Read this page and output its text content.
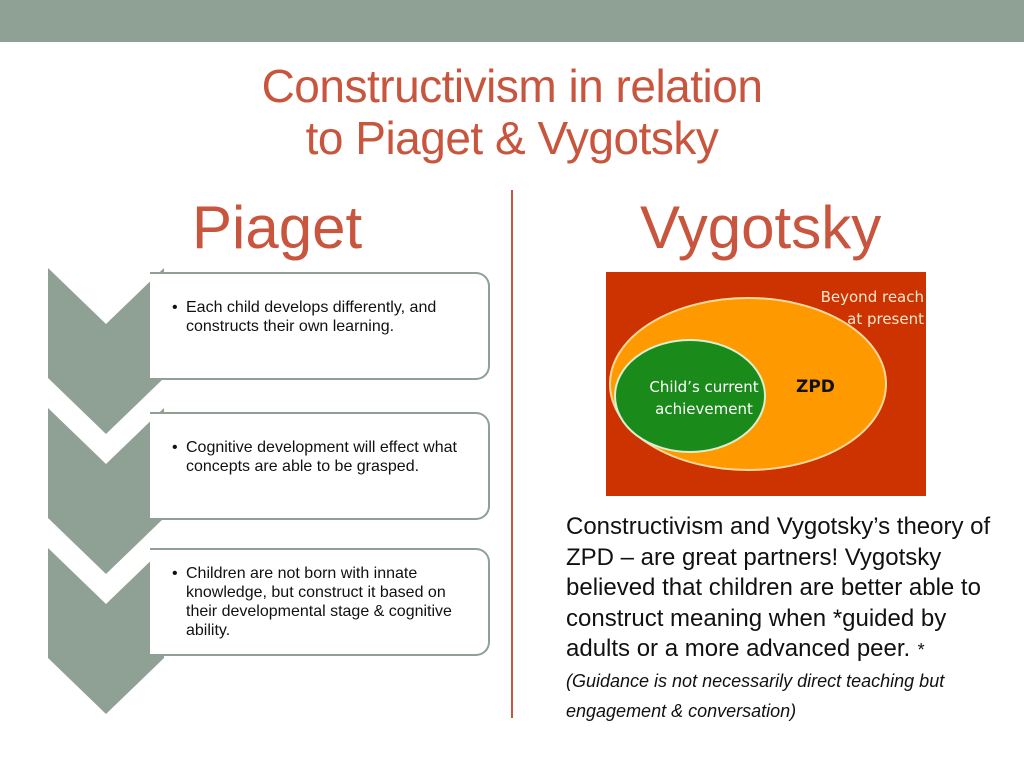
Constructivism in relation
to Piaget & Vygotsky
Piaget	Vygotsky
• Each child develops differently, and constructs their own learning.
• Cognitive development will effect what concepts are able to be grasped.
• Children are not born with innate knowledge, but construct it based on their developmental stage & cognitive ability.
Beyond reach
at present
ZPD
Child’s current
achievement
Constructivism and Vygotsky’s theory of ZPD – are great partners! Vygotsky believed that children are better able to construct meaning when *guided by adults or a more advanced peer. *(Guidance is not necessarily direct teaching but engagement & conversation)
